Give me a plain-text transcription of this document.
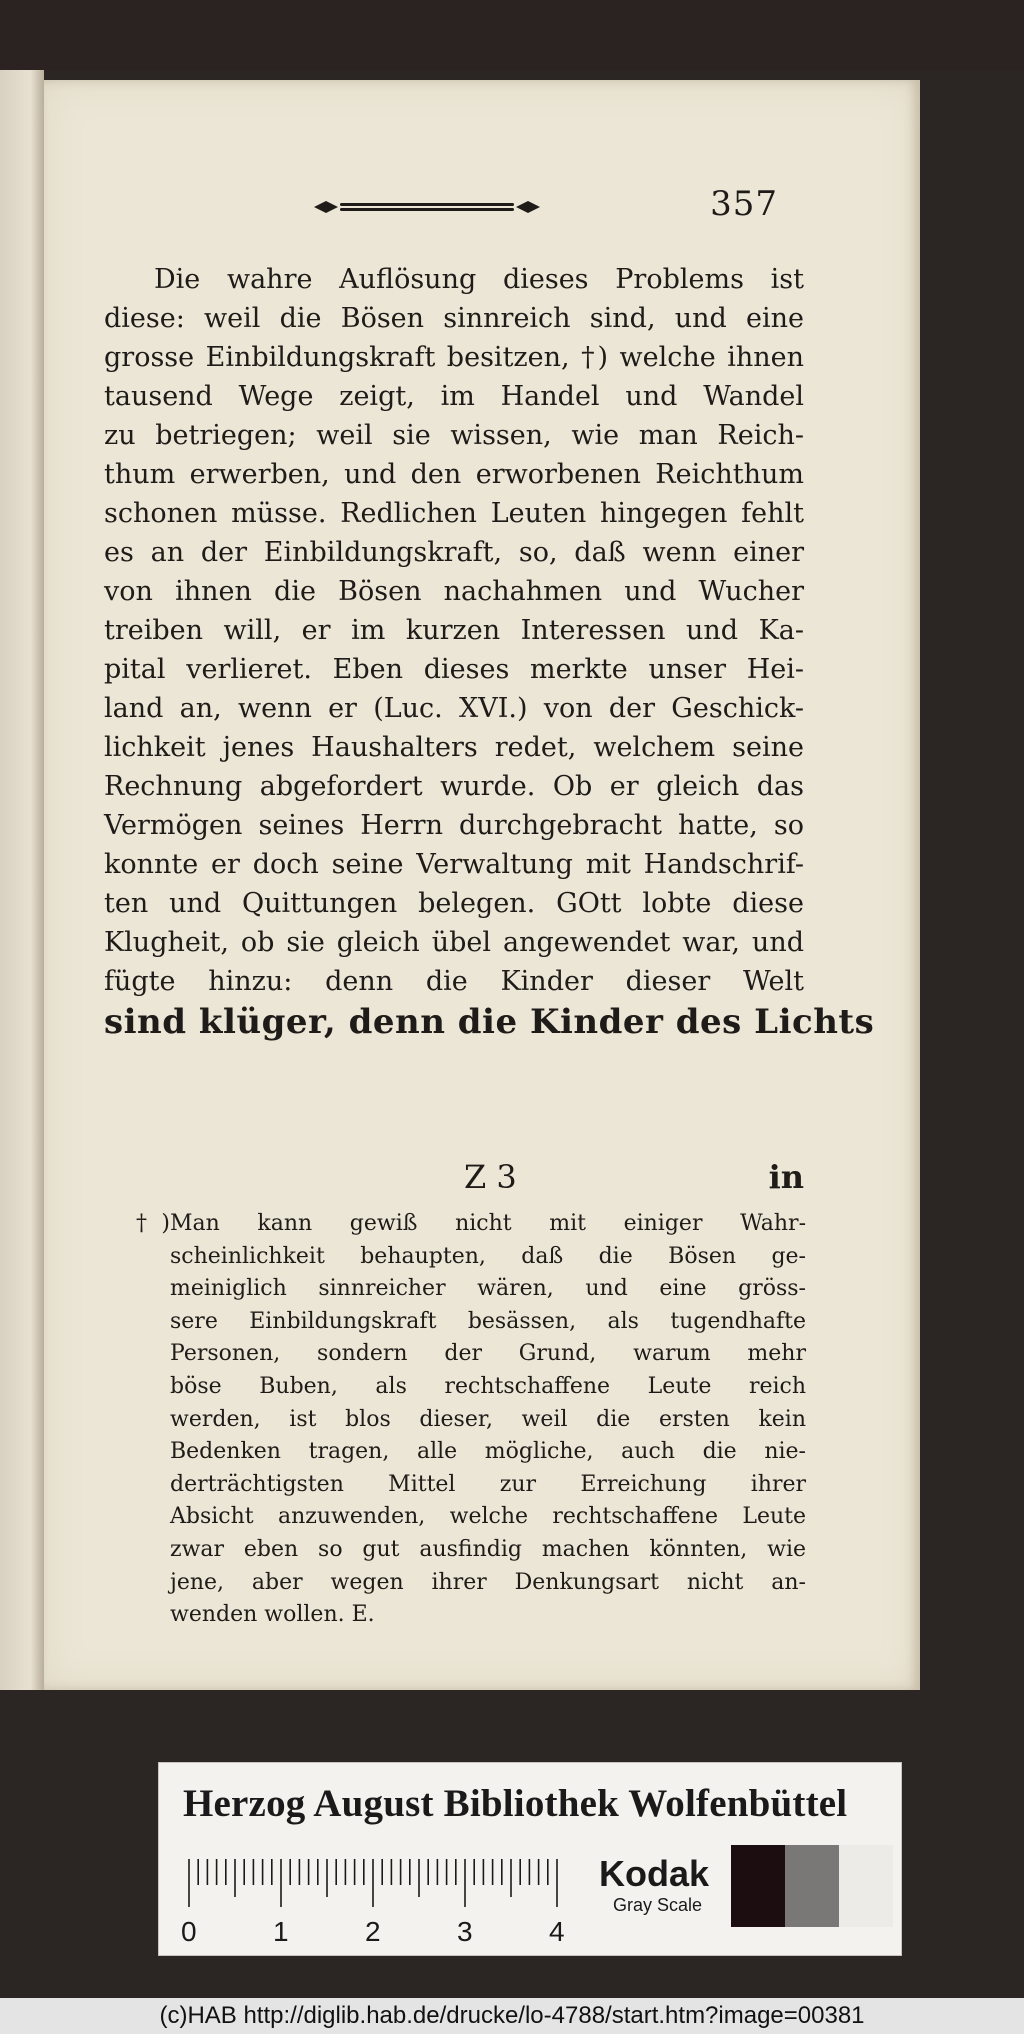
357
Die wahre Auflösung dieses Problems ist
diese: weil die Bösen sinnreich sind, und eine
grosse Einbildungskraft besitzen, †) welche ihnen
tausend Wege zeigt, im Handel und Wandel
zu betriegen; weil sie wissen, wie man Reich-
thum erwerben, und den erworbenen Reichthum
schonen müsse. Redlichen Leuten hingegen fehlt
es an der Einbildungskraft, so, daß wenn einer
von ihnen die Bösen nachahmen und Wucher
treiben will, er im kurzen Interessen und Ka-
pital verlieret. Eben dieses merkte unser Hei-
land an, wenn er (Luc. XVI.) von der Geschick-
lichkeit jenes Haushalters redet, welchem seine
Rechnung abgefordert wurde. Ob er gleich das
Vermögen seines Herrn durchgebracht hatte, so
konnte er doch seine Verwaltung mit Handschrif-
ten und Quittungen belegen. GOtt lobte diese
Klugheit, ob sie gleich übel angewendet war, und
fügte hinzu: denn die Kinder dieser Welt
sind klüger, denn die Kinder des Lichts
Z 3	in
†)Man kann gewiß nicht mit einiger Wahr-
scheinlichkeit behaupten, daß die Bösen ge-
meiniglich sinnreicher wären, und eine gröss-
sere Einbildungskraft besässen, als tugendhafte
Personen, sondern der Grund, warum mehr
böse Buben, als rechtschaffene Leute reich
werden, ist blos dieser, weil die ersten kein
Bedenken tragen, alle mögliche, auch die nie-
derträchtigsten Mittel zur Erreichung ihrer
Absicht anzuwenden, welche rechtschaffene Leute
zwar eben so gut ausfindig machen könnten, wie
jene, aber wegen ihrer Denkungsart nicht an-
wenden wollen. E.
Herzog August Bibliothek Wolfenbüttel
0	1	2	3	4
Kodak
Gray Scale
(c)HAB http://diglib.hab.de/drucke/lo-4788/start.htm?image=00381
